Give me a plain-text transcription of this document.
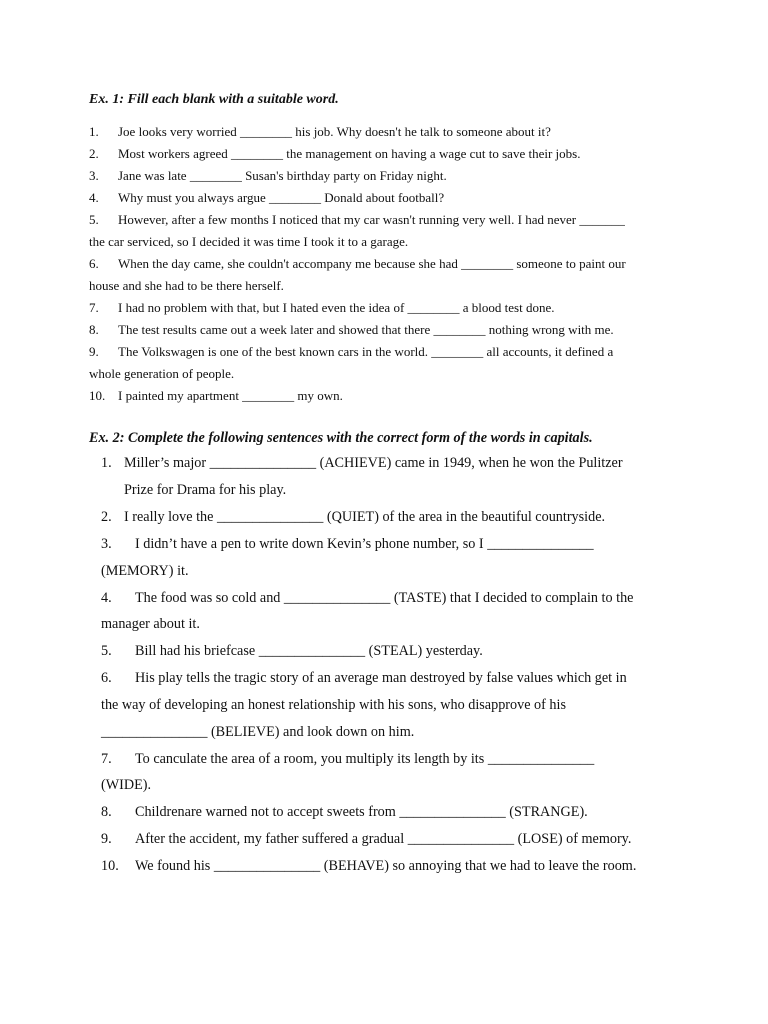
Ex. 1: Fill each blank with a suitable word.
1. Joe looks very worried ________ his job. Why doesn't he talk to someone about it?
2. Most workers agreed ________ the management on having a wage cut to save their jobs.
3. Jane was late ________ Susan's birthday party on Friday night.
4. Why must you always argue ________ Donald about football?
5. However, after a few months I noticed that my car wasn't running very well. I had never _______
the car serviced, so I decided it was time I took it to a garage.
6. When the day came, she couldn't accompany me because she had ________ someone to paint our
house and she had to be there herself.
7. I had no problem with that, but I hated even the idea of ________ a blood test done.
8. The test results came out a week later and showed that there ________ nothing wrong with me.
9. The Volkswagen is one of the best known cars in the world. ________ all accounts, it defined a
whole generation of people.
10. I painted my apartment ________ my own.
Ex. 2: Complete the following sentences with the correct form of the words in capitals.
1. Miller’s major _______________ (ACHIEVE) came in 1949, when he won the Pulitzer
Prize for Drama for his play.
2. I really love the _______________ (QUIET) of the area in the beautiful countryside.
3. I didn’t have a pen to write down Kevin’s phone number, so I _______________
(MEMORY) it.
4. The food was so cold and _______________ (TASTE) that I decided to complain to the
manager about it.
5. Bill had his briefcase _______________ (STEAL) yesterday.
6. His play tells the tragic story of an average man destroyed by false values which get in
the way of developing an honest relationship with his sons, who disapprove of his
_______________ (BELIEVE) and look down on him.
7. To canculate the area of a room, you multiply its length by its _______________
(WIDE).
8. Childrenare warned not to accept sweets from _______________ (STRANGE).
9. After the accident, my father suffered a gradual _______________ (LOSE) of memory.
10. We found his _______________ (BEHAVE) so annoying that we had to leave the room.
